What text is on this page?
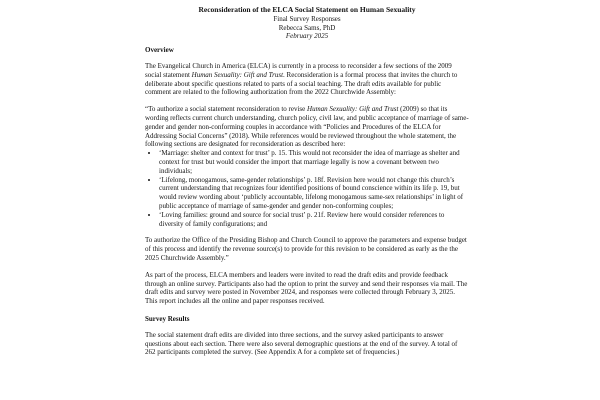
Reconsideration of the ELCA Social Statement on Human Sexuality
Final Survey Responses
Rebecca Sams, PhD
February 2025
Overview

The Evangelical Church in America (ELCA) is currently in a process to reconsider a few sections of the 2009 social statement Human Sexuality: Gift and Trust. Reconsideration is a formal process that invites the church to deliberate about specific questions related to parts of a social teaching. The draft edits available for public comment are related to the following authorization from the 2022 Churchwide Assembly:

“To authorize a social statement reconsideration to revise Human Sexuality: Gift and Trust (2009) so that its wording reflects current church understanding, church policy, civil law, and public acceptance of marriage of same-gender and gender non-conforming couples in accordance with “Policies and Procedures of the ELCA for Addressing Social Concerns” (2018). While references would be reviewed throughout the whole statement, the following sections are designated for reconsideration as described here:

• ‘Marriage: shelter and context for trust’ p. 15. This would not reconsider the idea of marriage as shelter and context for trust but would consider the import that marriage legally is now a covenant between two individuals;
• ‘Lifelong, monogamous, same-gender relationships’ p. 18f. Revision here would not change this church’s current understanding that recognizes four identified positions of bound conscience within its life p. 19, but would review wording about ‘publicly accountable, lifelong monogamous same-sex relationships’ in light of public acceptance of marriage of same-gender and gender non-conforming couples;
• ‘Loving families: ground and source for social trust’ p. 21f. Review here would consider references to diversity of family configurations; and

To authorize the Office of the Presiding Bishop and Church Council to approve the parameters and expense budget of this process and identify the revenue source(s) to provide for this revision to be considered as early as the the 2025 Churchwide Assembly.”

As part of the process, ELCA members and leaders were invited to read the draft edits and provide feedback through an online survey. Participants also had the option to print the survey and send their responses via mail. The draft edits and survey were posted in November 2024, and responses were collected through February 3, 2025. This report includes all the online and paper responses received.

Survey Results

The social statement draft edits are divided into three sections, and the survey asked participants to answer questions about each section. There were also several demographic questions at the end of the survey. A total of 262 participants completed the survey. (See Appendix A for a complete set of frequencies.)
